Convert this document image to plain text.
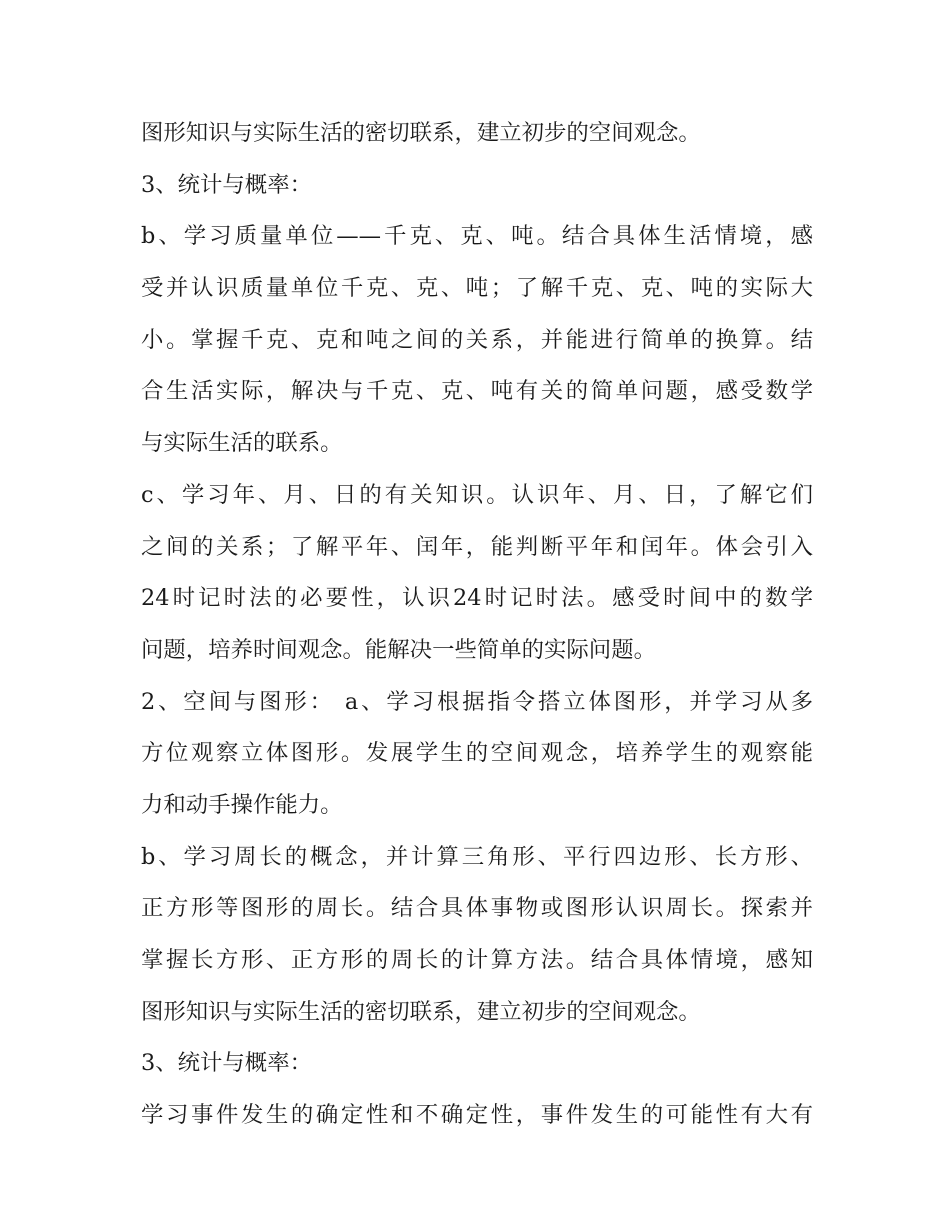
图形知识与实际生活的密切联系，建立初步的空间观念。
3、统计与概率：
b、学习质量单位——千克、克、吨。结合具体生活情境，感
受并认识质量单位千克、克、吨；了解千克、克、吨的实际大
小。掌握千克、克和吨之间的关系，并能进行简单的换算。结
合生活实际，解决与千克、克、吨有关的简单问题，感受数学
与实际生活的联系。
c、学习年、月、日的有关知识。认识年、月、日，了解它们
之间的关系；了解平年、闰年，能判断平年和闰年。体会引入
24时记时法的必要性，认识24时记时法。感受时间中的数学
问题，培养时间观念。能解决一些简单的实际问题。
2、空间与图形： a、学习根据指令搭立体图形，并学习从多
方位观察立体图形。发展学生的空间观念，培养学生的观察能
力和动手操作能力。
b、学习周长的概念，并计算三角形、平行四边形、长方形、
正方形等图形的周长。结合具体事物或图形认识周长。探索并
掌握长方形、正方形的周长的计算方法。结合具体情境，感知
图形知识与实际生活的密切联系，建立初步的空间观念。
3、统计与概率：
学习事件发生的确定性和不确定性，事件发生的可能性有大有
